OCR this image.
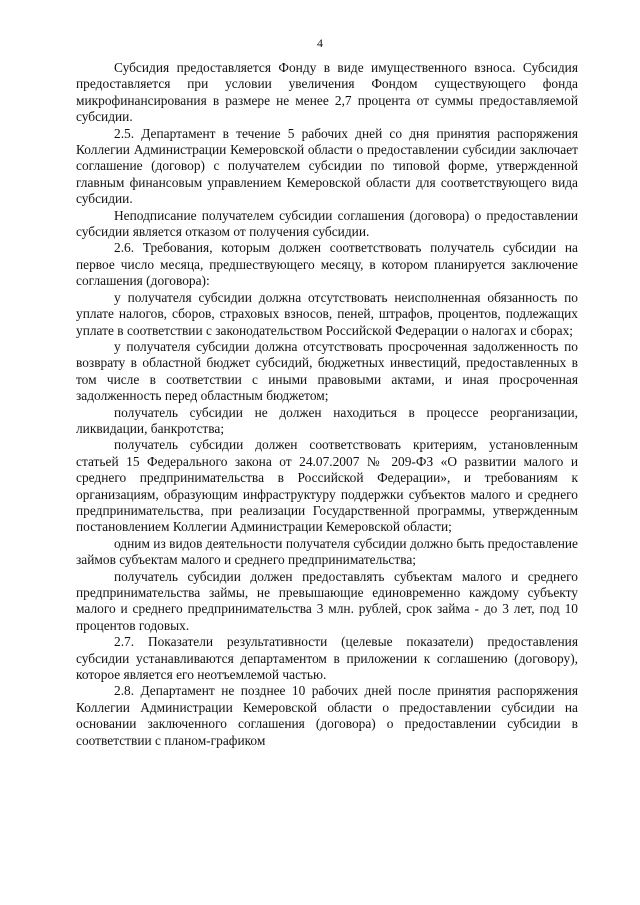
4

Субсидия предоставляется Фонду в виде имущественного взноса. Субсидия предоставляется при условии увеличения Фондом существующего фонда микрофинансирования в размере не менее 2,7 процента от суммы предоставляемой субсидии.

2.5. Департамент в течение 5 рабочих дней со дня принятия распоряжения Коллегии Администрации Кемеровской области о предоставлении субсидии заключает соглашение (договор) с получателем субсидии по типовой форме, утвержденной главным финансовым управлением Кемеровской области для соответствующего вида субсидии.

Неподписание получателем субсидии соглашения (договора) о предоставлении субсидии является отказом от получения субсидии.

2.6. Требования, которым должен соответствовать получатель субсидии на первое число месяца, предшествующего месяцу, в котором планируется заключение соглашения (договора):

у получателя субсидии должна отсутствовать неисполненная обязанность по уплате налогов, сборов, страховых взносов, пеней, штрафов, процентов, подлежащих уплате в соответствии с законодательством Российской Федерации о налогах и сборах;

у получателя субсидии должна отсутствовать просроченная задолженность по возврату в областной бюджет субсидий, бюджетных инвестиций, предоставленных в том числе в соответствии с иными правовыми актами, и иная просроченная задолженность перед областным бюджетом;

получатель субсидии не должен находиться в процессе реорганизации, ликвидации, банкротства;

получатель субсидии должен соответствовать критериям, установленным статьей 15 Федерального закона от 24.07.2007 № 209-ФЗ «О развитии малого и среднего предпринимательства в Российской Федерации», и требованиям к организациям, образующим инфраструктуру поддержки субъектов малого и среднего предпринимательства, при реализации Государственной программы, утвержденным постановлением Коллегии Администрации Кемеровской области;

одним из видов деятельности получателя субсидии должно быть предоставление займов субъектам малого и среднего предпринимательства;

получатель субсидии должен предоставлять субъектам малого и среднего предпринимательства займы, не превышающие единовременно каждому субъекту малого и среднего предпринимательства 3 млн. рублей, срок займа - до 3 лет, под 10 процентов годовых.

2.7. Показатели результативности (целевые показатели) предоставления субсидии устанавливаются департаментом в приложении к соглашению (договору), которое является его неотъемлемой частью.

2.8. Департамент не позднее 10 рабочих дней после принятия распоряжения Коллегии Администрации Кемеровской области о предоставлении субсидии на основании заключенного соглашения (договора) о предоставлении субсидии в соответствии с планом-графиком
